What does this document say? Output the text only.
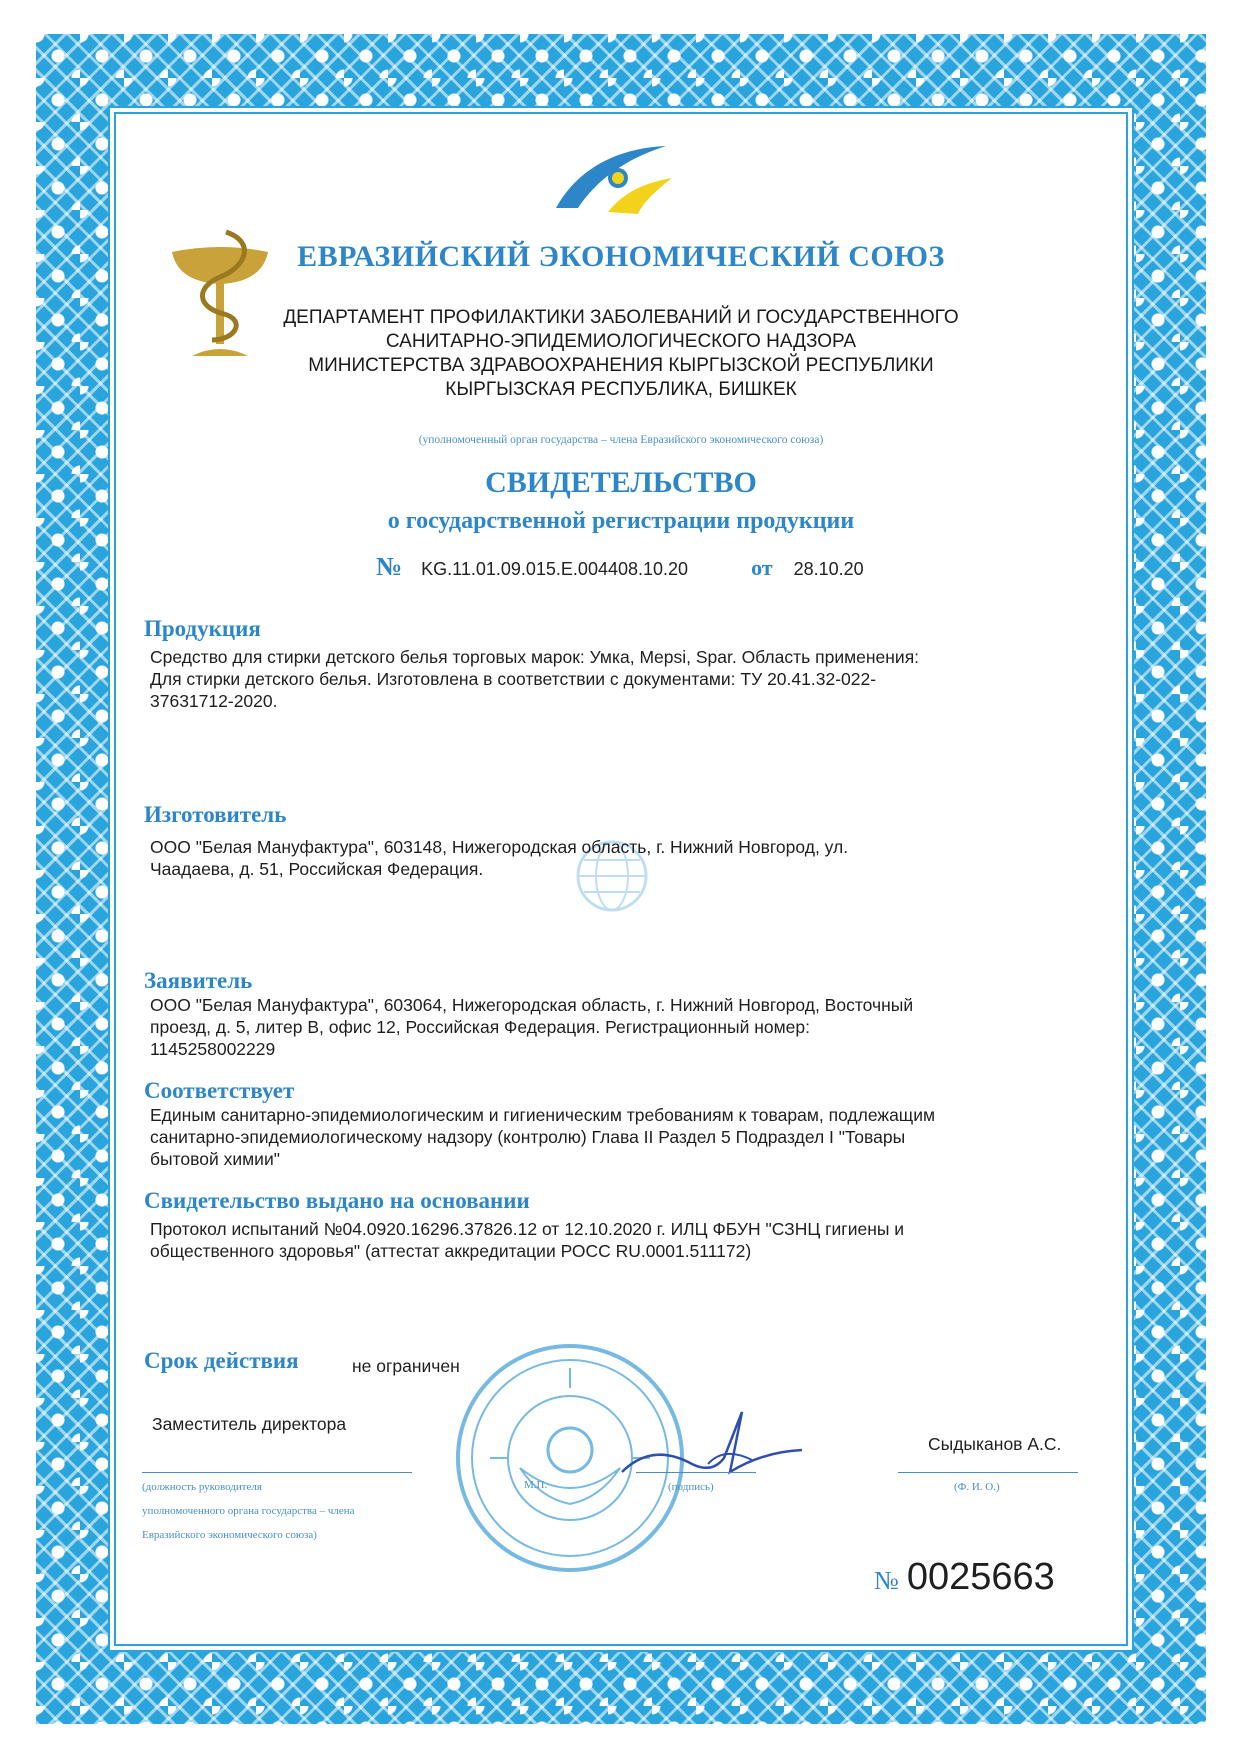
ЕВРАЗИЙСКИЙ ЭКОНОМИЧЕСКИЙ СОЮЗ
ДЕПАРТАМЕНТ ПРОФИЛАКТИКИ ЗАБОЛЕВАНИЙ И ГОСУДАРСТВЕННОГО
САНИТАРНО-ЭПИДЕМИОЛОГИЧЕСКОГО НАДЗОРА
МИНИСТЕРСТВА ЗДРАВООХРАНЕНИЯ КЫРГЫЗСКОЙ РЕСПУБЛИКИ
КЫРГЫЗСКАЯ РЕСПУБЛИКА, БИШКЕК
(уполномоченный орган государства – члена Евразийского экономического союза)
СВИДЕТЕЛЬСТВО
о государственной регистрации продукции
№ KG.11.01.09.015.Е.004408.10.20	от 28.10.20
Продукция
Средство для стирки детского белья торговых марок: Умка, Mepsi, Spar. Область применения:
Для стирки детского белья. Изготовлена в соответствии с документами: ТУ 20.41.32-022-
37631712-2020.
Изготовитель
ООО "Белая Мануфактура", 603148, Нижегородская область, г. Нижний Новгород, ул.
Чаадаева, д. 51, Российская Федерация.
Заявитель
ООО "Белая Мануфактура", 603064, Нижегородская область, г. Нижний Новгород, Восточный
проезд, д. 5, литер В, офис 12, Российская Федерация. Регистрационный номер:
1145258002229
Соответствует
Единым санитарно-эпидемиологическим и гигиеническим требованиям к товарам, подлежащим
санитарно-эпидемиологическому надзору (контролю) Глава II Раздел 5 Подраздел I "Товары
бытовой химии"
Свидетельство выдано на основании
Протокол испытаний №04.0920.16296.37826.12 от 12.10.2020 г. ИЛЦ ФБУН "СЗНЦ гигиены и
общественного здоровья" (аттестат аккредитации РОСС RU.0001.511172)
Срок действия	не ограничен
Заместитель директора
(должность руководителя
уполномоченного органа государства – члена
Евразийского экономического союза)
М.П.	(подпись)
Сыдыканов А.С.
(Ф. И. О.)
№ 0025663
